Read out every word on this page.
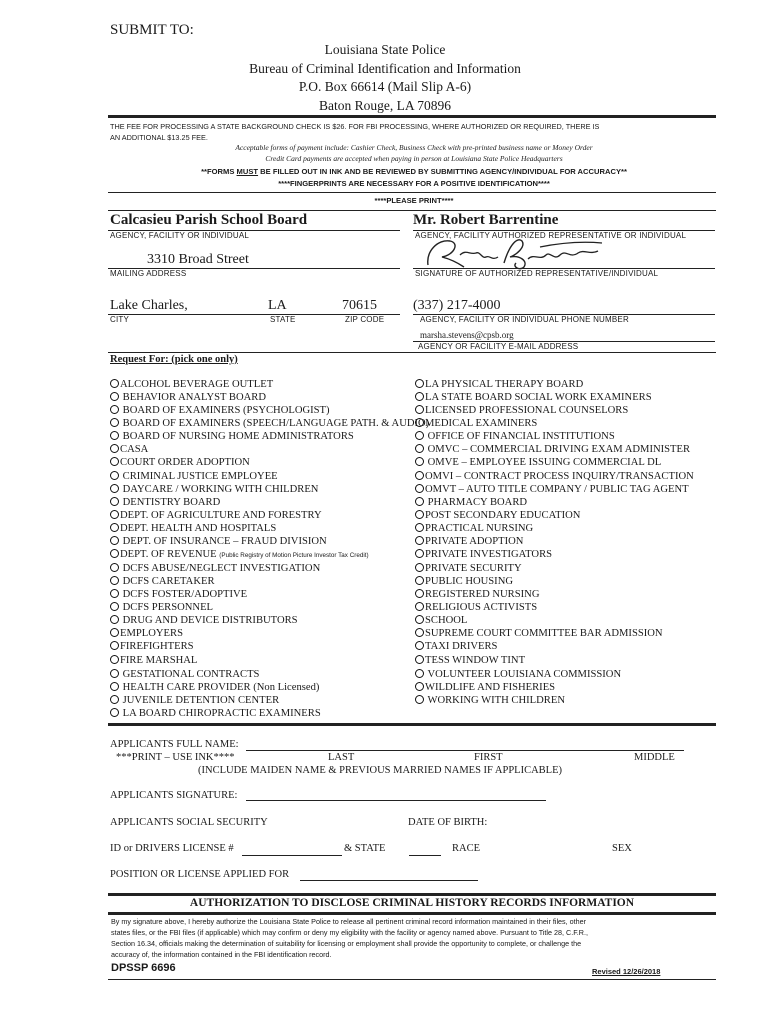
SUBMIT TO:
Louisiana State Police
Bureau of Criminal Identification and Information
P.O. Box 66614 (Mail Slip A-6)
Baton Rouge, LA 70896
THE FEE FOR PROCESSING A STATE BACKGROUND CHECK IS $26. FOR FBI PROCESSING, WHERE AUTHORIZED OR REQUIRED, THERE IS
AN ADDITIONAL $13.25 FEE.
Acceptable forms of payment include: Cashier Check, Business Check with pre-printed business name or Money Order
Credit Card payments are accepted when paying in person at Louisiana State Police Headquarters
**FORMS MUST BE FILLED OUT IN INK AND BE REVIEWED BY SUBMITTING AGENCY/INDIVIDUAL FOR ACCURACY**
****FINGERPRINTS ARE NECESSARY FOR A POSITIVE IDENTIFICATION****
****PLEASE PRINT****
Calcasieu Parish School Board
AGENCY, FACILITY OR INDIVIDUAL
3310 Broad Street
MAILING ADDRESS
Lake Charles,	LA	70615
CITY	STATE	ZIP CODE
Mr. Robert Barrentine
AGENCY, FACILITY AUTHORIZED REPRESENTATIVE OR INDIVIDUAL
SIGNATURE OF AUTHORIZED REPRESENTATIVE/INDIVIDUAL
(337) 217-4000
AGENCY, FACILITY OR INDIVIDUAL PHONE NUMBER
marsha.stevens@cpsb.org
AGENCY OR FACILITY E-MAIL ADDRESS
Request For: (pick one only)
ALCOHOL BEVERAGE OUTLET
BEHAVIOR ANALYST BOARD
BOARD OF EXAMINERS (PSYCHOLOGIST)
BOARD OF EXAMINERS (SPEECH/LANGUAGE PATH. & AUDIO)
BOARD OF NURSING HOME ADMINISTRATORS
CASA
COURT ORDER ADOPTION
CRIMINAL JUSTICE EMPLOYEE
DAYCARE / WORKING WITH CHILDREN
DENTISTRY BOARD
DEPT. OF AGRICULTURE AND FORESTRY
DEPT. HEALTH AND HOSPITALS
DEPT. OF INSURANCE – FRAUD DIVISION
DEPT. OF REVENUE (Public Registry of Motion Picture Investor Tax Credit)
DCFS ABUSE/NEGLECT INVESTIGATION
DCFS CARETAKER
DCFS FOSTER/ADOPTIVE
DCFS PERSONNEL
DRUG AND DEVICE DISTRIBUTORS
EMPLOYERS
FIREFIGHTERS
FIRE MARSHAL
GESTATIONAL CONTRACTS
HEALTH CARE PROVIDER (Non Licensed)
JUVENILE DETENTION CENTER
LA BOARD CHIROPRACTIC EXAMINERS
LA PHYSICAL THERAPY BOARD
LA STATE BOARD SOCIAL WORK EXAMINERS
LICENSED PROFESSIONAL COUNSELORS
MEDICAL EXAMINERS
OFFICE OF FINANCIAL INSTITUTIONS
OMVC – COMMERCIAL DRIVING EXAM ADMINISTER
OMVE – EMPLOYEE ISSUING COMMERCIAL DL
OMVI – CONTRACT PROCESS INQUIRY/TRANSACTION
OMVT – AUTO TITLE COMPANY / PUBLIC TAG AGENT
PHARMACY BOARD
POST SECONDARY EDUCATION
PRACTICAL NURSING
PRIVATE ADOPTION
PRIVATE INVESTIGATORS
PRIVATE SECURITY
PUBLIC HOUSING
REGISTERED NURSING
RELIGIOUS ACTIVISTS
SCHOOL
SUPREME COURT COMMITTEE BAR ADMISSION
TAXI DRIVERS
TESS WINDOW TINT
VOLUNTEER LOUISIANA COMMISSION
WILDLIFE AND FISHERIES
WORKING WITH CHILDREN
APPLICANTS FULL NAME:
***PRINT – USE INK****	LAST	FIRST	MIDDLE
(INCLUDE MAIDEN NAME & PREVIOUS MARRIED NAMES IF APPLICABLE)
APPLICANTS SIGNATURE:
APPLICANTS SOCIAL SECURITY	DATE OF BIRTH:
ID or DRIVERS LICENSE #	& STATE	RACE	SEX
POSITION OR LICENSE APPLIED FOR
AUTHORIZATION TO DISCLOSE CRIMINAL HISTORY RECORDS INFORMATION
By my signature above, I hereby authorize the Louisiana State Police to release all pertinent criminal record information maintained in their files, other
states files, or the FBI files (if applicable) which may confirm or deny my eligibility with the facility or agency named above. Pursuant to Title 28, C.F.R.,
Section 16.34, officials making the determination of suitability for licensing or employment shall provide the opportunity to complete, or challenge the
accuracy of, the information contained in the FBI identification record.
DPSSP 6696	Revised 12/26/2018
